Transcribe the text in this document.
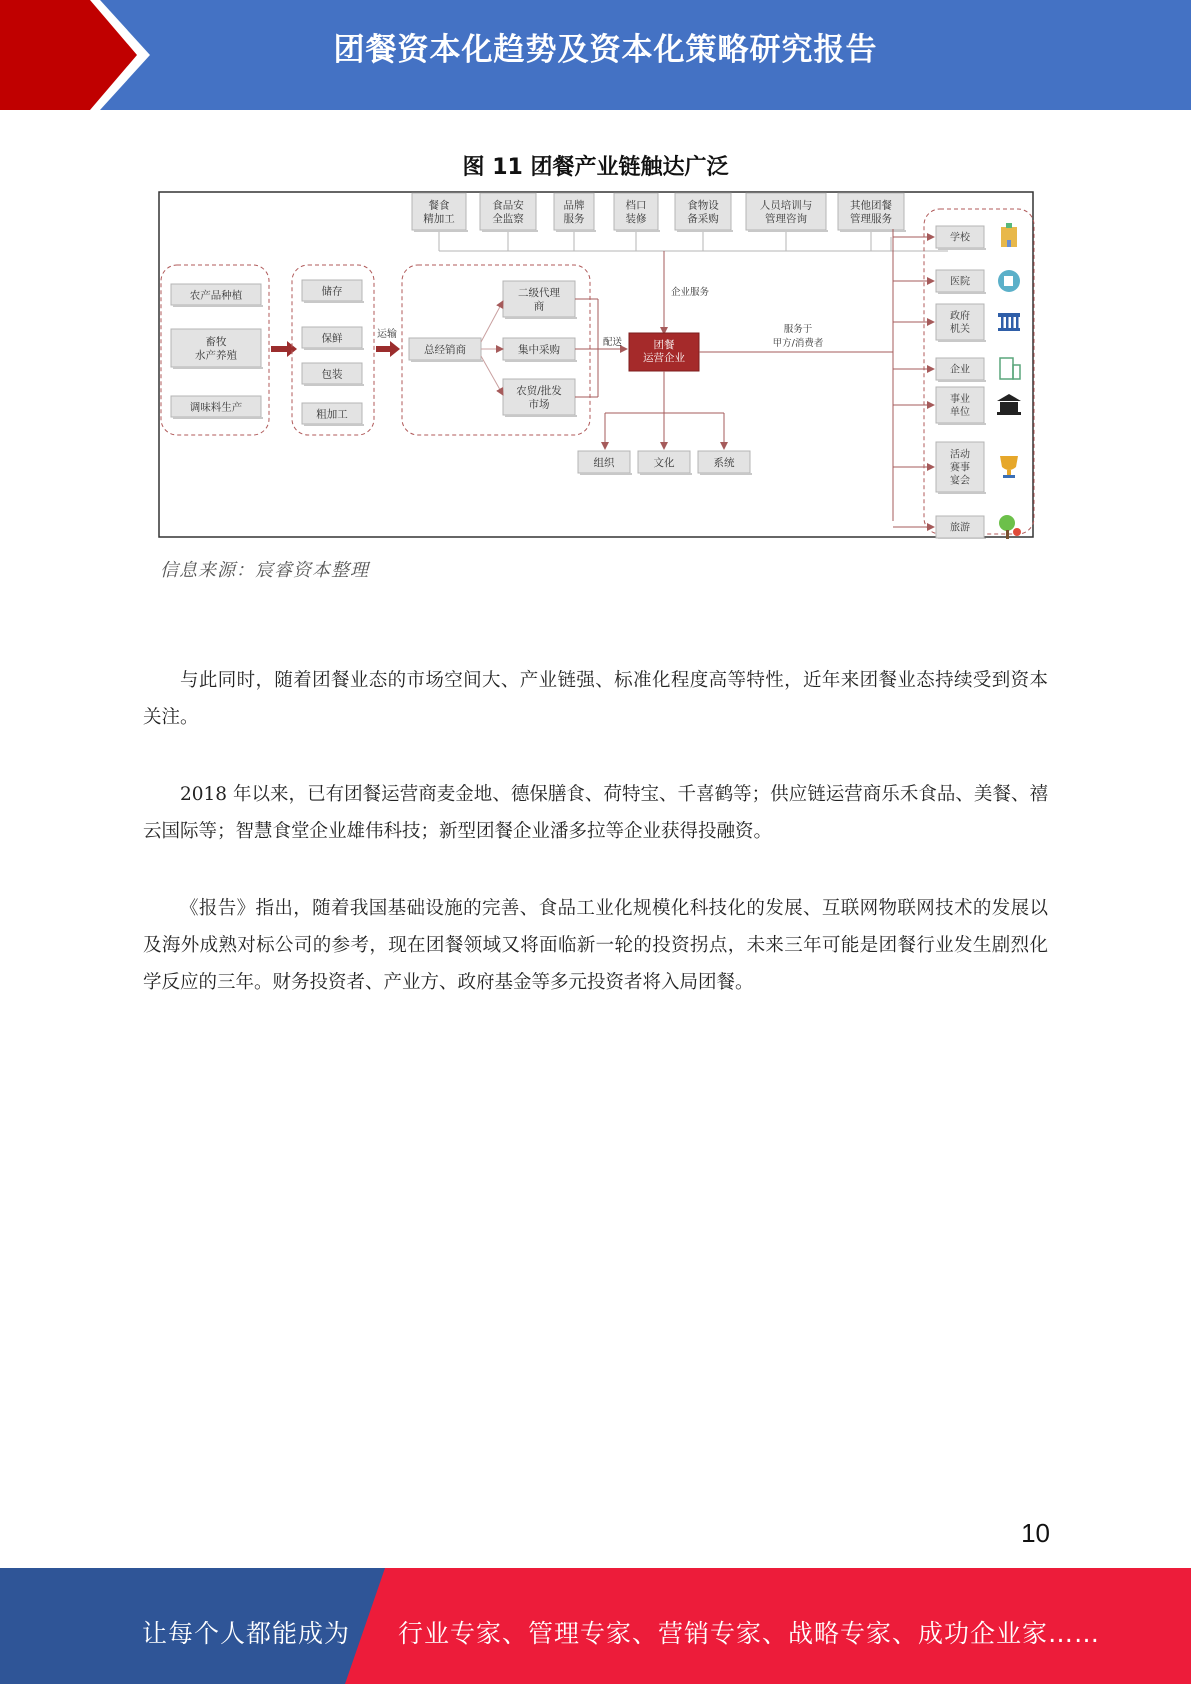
团餐资本化趋势及资本化策略研究报告
图 11 团餐产业链触达广泛
餐食
精加工
食品安
全监察
品牌
服务
档口
装修
食物设
备采购
人员培训与
管理咨询
其他团餐
管理服务
企业服务
农产品种植
畜牧
水产养殖
调味料生产
储存
保鲜
包装
粗加工
运输
总经销商
二级代理
商
集中采购
农贸/批发
市场
配送	团餐
运营企业
服务于
甲方/消费者
组织	文化	系统
学校
医院
政府
机关
企业
事业
单位
活动
赛事
宴会
旅游
信息来源：宸睿资本整理

与此同时，随着团餐业态的市场空间大、产业链强、标准化程度高等特性，近年来团餐业态持续受到资本关注。

2018 年以来，已有团餐运营商麦金地、德保膳食、荷特宝、千喜鹤等；供应链运营商乐禾食品、美餐、禧云国际等；智慧食堂企业雄伟科技；新型团餐企业潘多拉等企业获得投融资。

《报告》指出，随着我国基础设施的完善、食品工业化规模化科技化的发展、互联网物联网技术的发展以及海外成熟对标公司的参考，现在团餐领域又将面临新一轮的投资拐点，未来三年可能是团餐行业发生剧烈化学反应的三年。财务投资者、产业方、政府基金等多元投资者将入局团餐。

10
让每个人都能成为 行业专家、管理专家、营销专家、战略专家、成功企业家……
